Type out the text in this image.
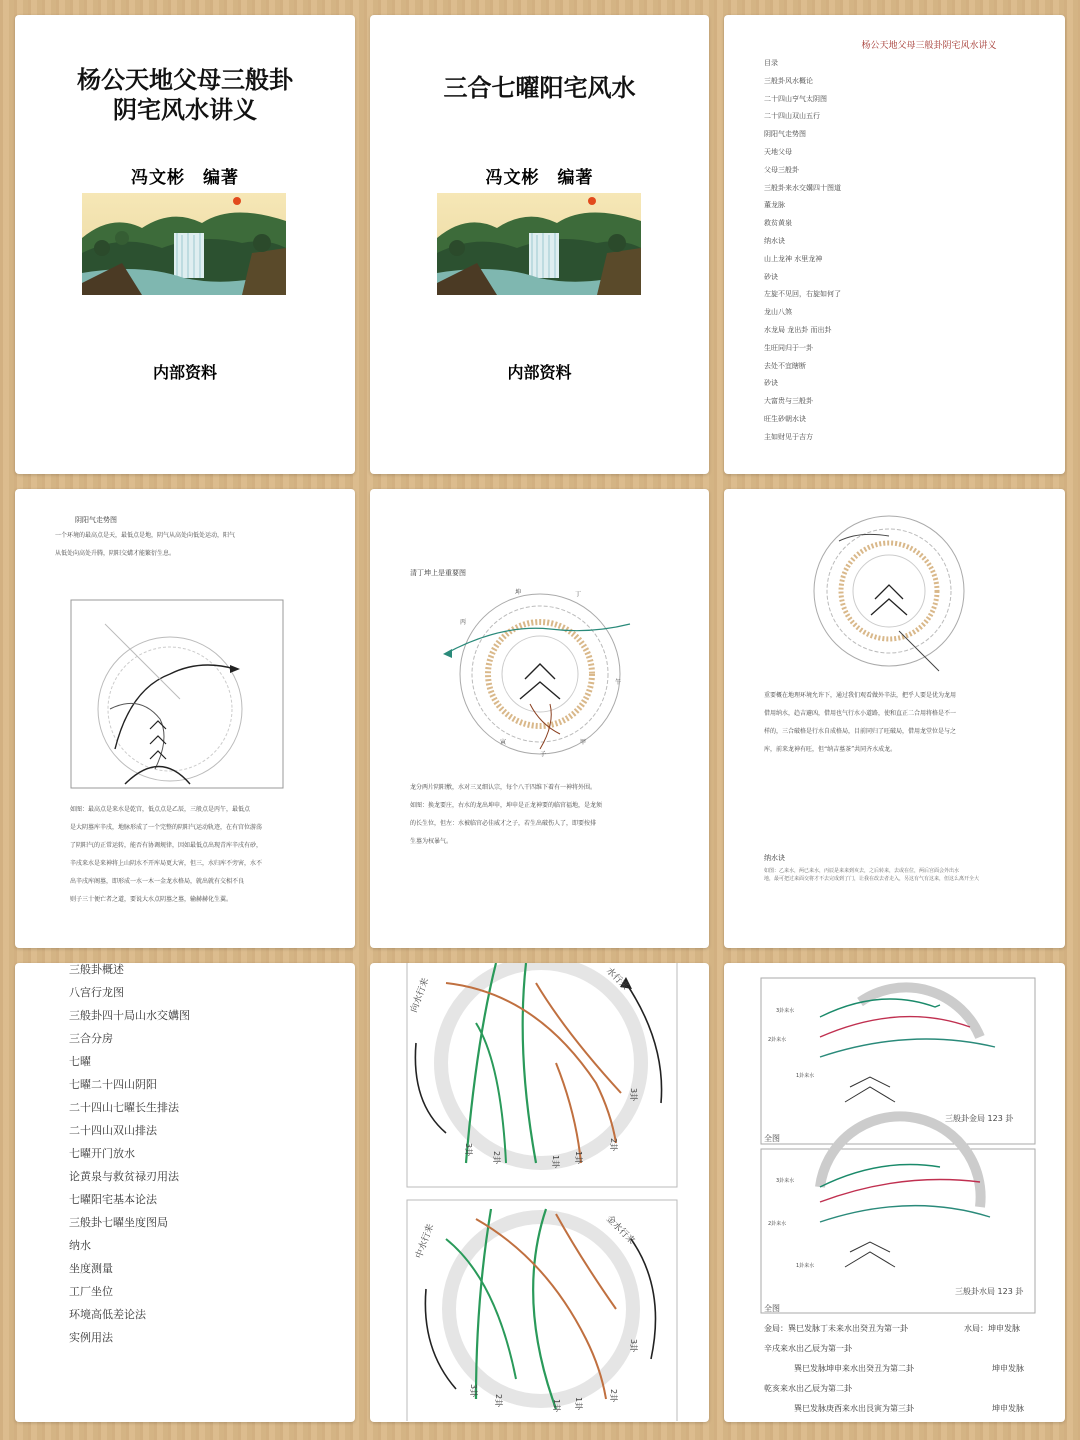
杨公天地父母三般卦
阴宅风水讲义
冯文彬　编著
内部资料
三合七曜阳宅风水
冯文彬　编著
内部资料
杨公天地父母三般卦阴宅风水讲义
目录
三般卦风水概论
二十四山亨气太阴图
二十四山双山五行
阴阳气走势图
天地父母
父母三般卦
三般卦来水交媾四十图道
董龙脉
救贫黄泉
纳水诀
山上龙神 水里龙神
砂诀
左旋不见回，右旋如何了
龙山八煞
水龙局 龙出卦 而出卦
生旺同归于一卦
去处不宜瞎断
砂诀
大富贵与三般卦
旺生砂朝水诀
主如财见于吉方
阴阳气走势图
一个环境的最高点是天，最低点是地，阴气从高处向低处运动，阳气
从低处向高处升腾，阴阳交媾才能繁衍生息。
如图：最高点是来水是乾宫，低点点是乙辰，三般点是丙午，最低点
是大阴墓库辛戌，地脉形成了一个完整的阴阳气运动轨迹，在有宫位游荡
了阴阳气的正常运转，能否有协调规律，因如最低点出现青库辛戌有砂，
辛戌来水是来神将上山阴水不开库局更大害，但三，水归库不旁害，水不
出辛戌库阁墓，即形成一水一木一金龙水格局，就出就有交相不良
则子三十便亡者之道，要说大水点阴墓之墓，输赫赫化生翼。
清丁坤上是重要图
坤	丁
丙
午
寅
子
甲
龙分两片阴阳敷，水对三叉细认宗，每个八干四维下着有一神将外围。
如图：换龙要庄，右水的龙出坤申，坤申是正龙神要的临官福地，是龙须
的长生位，但左：水被临官必佳威才之子，若生出破伤人了，即要按排
生墓为权暴气。
重要概在地理环境允许下，通过我们观看做外辛法，把乎人要是优为龙用
借用纳水，趋吉避凶，借用也气行水小道路，使和直正二合用将格是不一
样的，三合破格是行水自成格局，目前同归了旺破局，借用龙堂位是与之
库，前来龙神有旺，但“纳吉墓茶”共同齐水成龙。
纳水诀
如图：乙来水，两已来水，丙辰是来来到亥去，之后转来，去或在位，两后宫面会外出水
地，最可把过来面交将才不去完成到了门，让我在改去者走入，另这有气有这来，但这么离开全大
三般卦概述
八宫行龙图
三般卦四十局山水交媾图
三合分房
七曜
七曜二十四山阴阳
二十四山七曜长生排法
二十四山双山排法
七曜开门放水
论黄泉与救贫禄刃用法
七曜阳宅基本论法
三般卦七曜坐度图局
纳水
坐度测量
工厂坐位
环境高低差论法
实例用法
向水行来	水行来
3卦
2卦	1卦 1卦
2卦
3卦
中水行来	金水行来
3卦
2卦	1卦 1卦
2卦
3卦
3卦来水
2卦来水
1卦来水
三般卦金局 123 卦
全图
3卦来水
2卦来水
1卦来水
三般卦水局 123 卦
全图
金局：巽巳发脉丁未来水出癸丑为第一卦	水局：坤申发脉
辛戌来水出乙辰为第一卦
巽巳发脉坤申来水出癸丑为第二卦	坤申发脉
乾亥来水出乙辰为第二卦
巽巳发脉庚酉来水出艮寅为第三卦	坤申发脉
